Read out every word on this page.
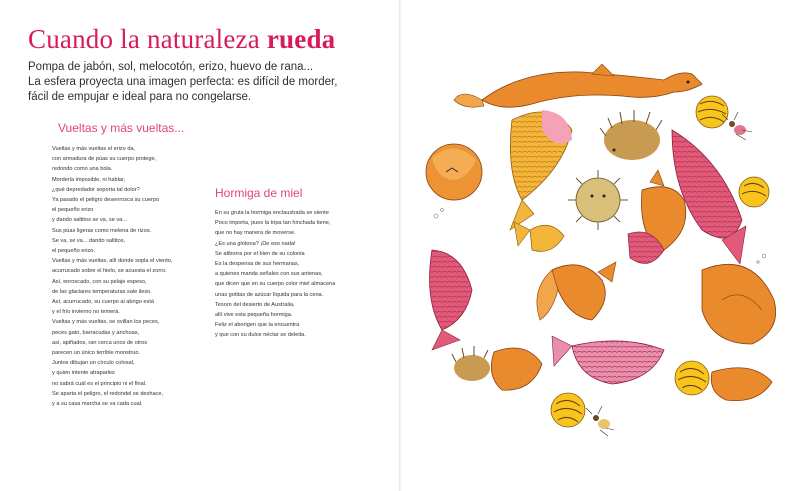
Cuando la naturaleza rueda
Pompa de jabón, sol, melocotón, erizo, huevo de rana...
La esfera proyecta una imagen perfecta: es difícil de morder,
fácil de empujar e ideal para no congelarse.
Vueltas y más vueltas...
Vueltas y más vueltas el erizo da,
con armadura de púas su cuerpo protege,
redondo como una bola.
Morderla imposible, ni hablar,
¿qué depredador soporta tal dolor?
Ya pasado el peligro desenrosca su cuerpo
el pequeño erizo
y dando saltitos se va, se va...
Sus púas ligeras como melena de rizos.
Se va, se va... dando saltitos,
el pequeño erizo.
Vueltas y más vueltas, allí donde sopla el viento,
acurrucado sobre el hielo, se acuesta el zorro.
Así, enroscado, con su pelaje espeso,
de las glaciares temperaturas sale ileso.
Así, acurrucado, su cuerpo al abrigo está
y el frío invierno no temerá.
Vueltas y más vueltas, se ovillan los peces,
peces gato, barracudas y anchoas,
así, apiñados, ran cerca unos de otros
parecen un único terrible monstruo.
Juntos dibujan un círculo colosal,
y quien intente atraparles
no sabrá cuál es el principio ni el final.
Se aparta el peligro, el redondel se deshace,
y a su casa marcha se va cada cual.
Hormiga de miel
En su gruta la hormiga enclaustrada se siente
Poco importa, pues la tripa tan hinchada tiene,
que no hay manera de moverse.
¿Es una glotona? ¡De eso nada!
Se atiborra por el bien de su colonia
Es la despensa de sus hermanas,
a quienes manda señales con sus antenas,
que dicen que en su cuerpo color miel almacena
unas gotitas de azúcar líquida para la cena.
Tesoro del desierto de Australia,
allí vive esta pequeña hormiga.
Feliz el aborigen que la encuentra
y que con su dulce néctar se deleita.
